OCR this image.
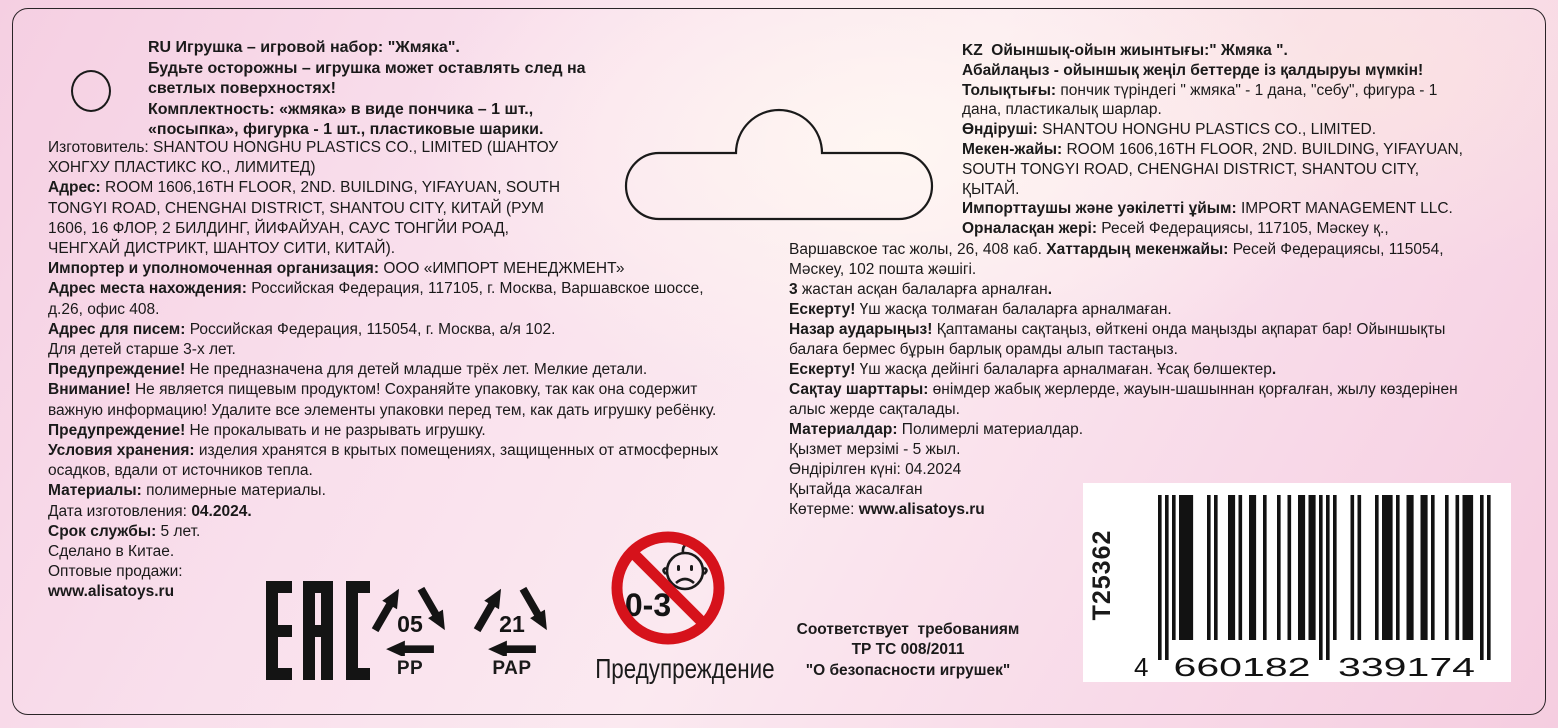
RU Игрушка – игровой набор: "Жмяка".
Будьте осторожны – игрушка может оставлять след на
светлых поверхностях!
Комплектность: «жмяка» в виде пончика – 1 шт.,
«посыпка», фигурка - 1 шт., пластиковые шарики.
Изготовитель: SHANTOU HONGHU PLASTICS CO., LIMITED (ШАНТОУ
ХОНГХУ ПЛАСТИКС КО., ЛИМИТЕД)
Адрес: ROOM 1606,16TH FLOOR, 2ND. BUILDING, YIFAYUAN, SOUTH
TONGYI ROAD, CHENGHAI DISTRICT, SHANTOU CITY, КИТАЙ (РУМ
1606, 16 ФЛОР, 2 БИЛДИНГ, ЙИФАЙУАН, САУС ТОНГЙИ РОАД,
ЧЕНГХАЙ ДИСТРИКТ, ШАНТОУ СИТИ, КИТАЙ).
Импортер и уполномоченная организация: ООО «ИМПОРТ МЕНЕДЖМЕНТ»
Адрес места нахождения: Российская Федерация, 117105, г. Москва, Варшавское шоссе,
д.26, офис 408.
Адрес для писем: Российская Федерация, 115054, г. Москва, а/я 102.
Для детей старше 3-х лет.
Предупреждение! Не предназначена для детей младше трёх лет. Мелкие детали.
Внимание! Не является пищевым продуктом! Сохраняйте упаковку, так как она содержит
важную информацию! Удалите все элементы упаковки перед тем, как дать игрушку ребёнку.
Предупреждение! Не прокалывать и не разрывать игрушку.
Условия хранения: изделия хранятся в крытых помещениях, защищенных от атмосферных
осадков, вдали от источников тепла.
Материалы: полимерные материалы.
Дата изготовления: 04.2024.
Срок службы: 5 лет.
Сделано в Китае.
Оптовые продажи:
www.alisatoys.ru
KZ  Ойыншық-ойын жиынтығы:" Жмяка ".
Абайлаңыз - ойыншық жеңіл беттерде із қалдыруы мүмкін!
Толықтығы: пончик түріндегі " жмяка" - 1 дана, "себу", фигура - 1
дана, пластикалық шарлар.
Өндіруші: SHANTOU HONGHU PLASTICS CO., LIMITED.
Мекен-жайы: ROOM 1606,16TH FLOOR, 2ND. BUILDING, YIFAYUAN,
SOUTH TONGYI ROAD, CHENGHAI DISTRICT, SHANTOU CITY,
ҚЫТАЙ.
Импорттаушы және уәкілетті ұйым: IMPORT MANAGEMENT LLC.
Орналасқан жері: Ресей Федерациясы, 117105, Мәскеу қ.,
Варшавское тас жолы, 26, 408 каб. Хаттардың мекенжайы: Ресей Федерациясы, 115054,
Мәскеу, 102 пошта жәшігі.
3 жастан асқан балаларға арналған.
Ескерту! Үш жасқа толмаған балаларға арналмаған.
Назар аударыңыз! Қаптаманы сақтаңыз, өйткені онда маңызды ақпарат бар! Ойыншықты
балаға бермес бұрын барлық орамды алып тастаңыз.
Ескерту! Үш жасқа дейінгі балаларға арналмаған. Ұсақ бөлшектер.
Сақтау шарттары: өнімдер жабық жерлерде, жауын-шашыннан қорғалған, жылу көздерінен
алыс жерде сақталады.
Материалдар: Полимерлі материалдар.
Қызмет мерзімі - 5 жыл.
Өндірілген күні: 04.2024
Қытайда жасалған
Көтерме: www.alisatoys.ru
05
PP
21
PAP
0-3
Предупреждение
Соответствует  требованиям
ТР ТС 008/2011
"О безопасности игрушек"
T25362
4 660182 339174
